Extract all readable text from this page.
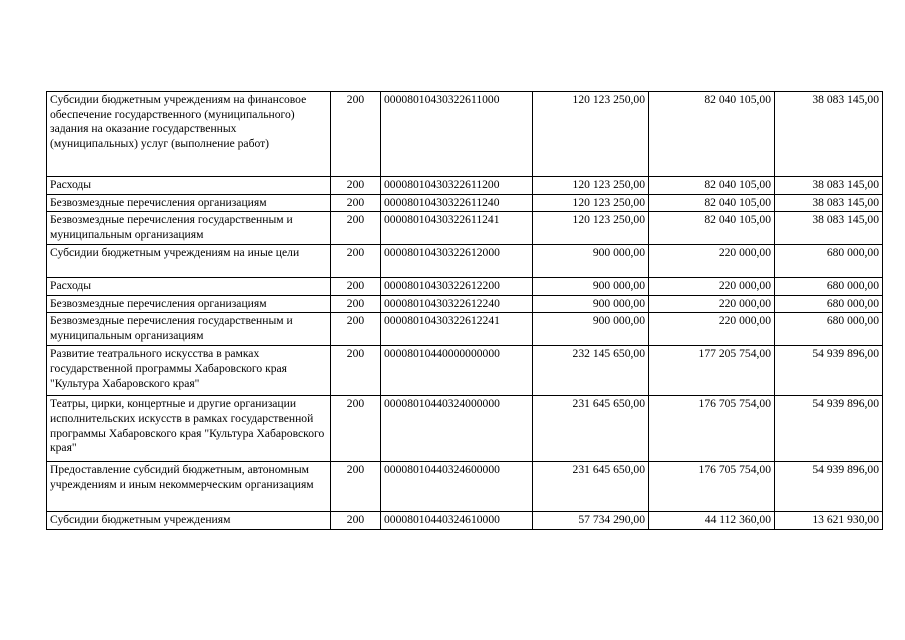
Субсидии бюджетным учреждениям на финансовое обеспечение государственного (муниципального) задания на оказание государственных (муниципальных) услуг (выполнение работ)	200	00008010430322611000	120 123 250,00	82 040 105,00	38 083 145,00
Расходы	200	00008010430322611200	120 123 250,00	82 040 105,00	38 083 145,00
Безвозмездные перечисления организациям	200	00008010430322611240	120 123 250,00	82 040 105,00	38 083 145,00
Безвозмездные перечисления государственным и муниципальным организациям	200	00008010430322611241	120 123 250,00	82 040 105,00	38 083 145,00
Субсидии бюджетным учреждениям на иные цели	200	00008010430322612000	900 000,00	220 000,00	680 000,00
Расходы	200	00008010430322612200	900 000,00	220 000,00	680 000,00
Безвозмездные перечисления организациям	200	00008010430322612240	900 000,00	220 000,00	680 000,00
Безвозмездные перечисления государственным и муниципальным организациям	200	00008010430322612241	900 000,00	220 000,00	680 000,00
Развитие театрального искусства в рамках государственной программы Хабаровского края "Культура Хабаровского края"	200	00008010440000000000	232 145 650,00	177 205 754,00	54 939 896,00
Театры, цирки, концертные и другие организации исполнительских искусств в рамках государственной программы Хабаровского края "Культура Хабаровского края"	200	00008010440324000000	231 645 650,00	176 705 754,00	54 939 896,00
Предоставление субсидий бюджетным, автономным учреждениям и иным некоммерческим организациям	200	00008010440324600000	231 645 650,00	176 705 754,00	54 939 896,00
Субсидии бюджетным учреждениям	200	00008010440324610000	57 734 290,00	44 112 360,00	13 621 930,00
